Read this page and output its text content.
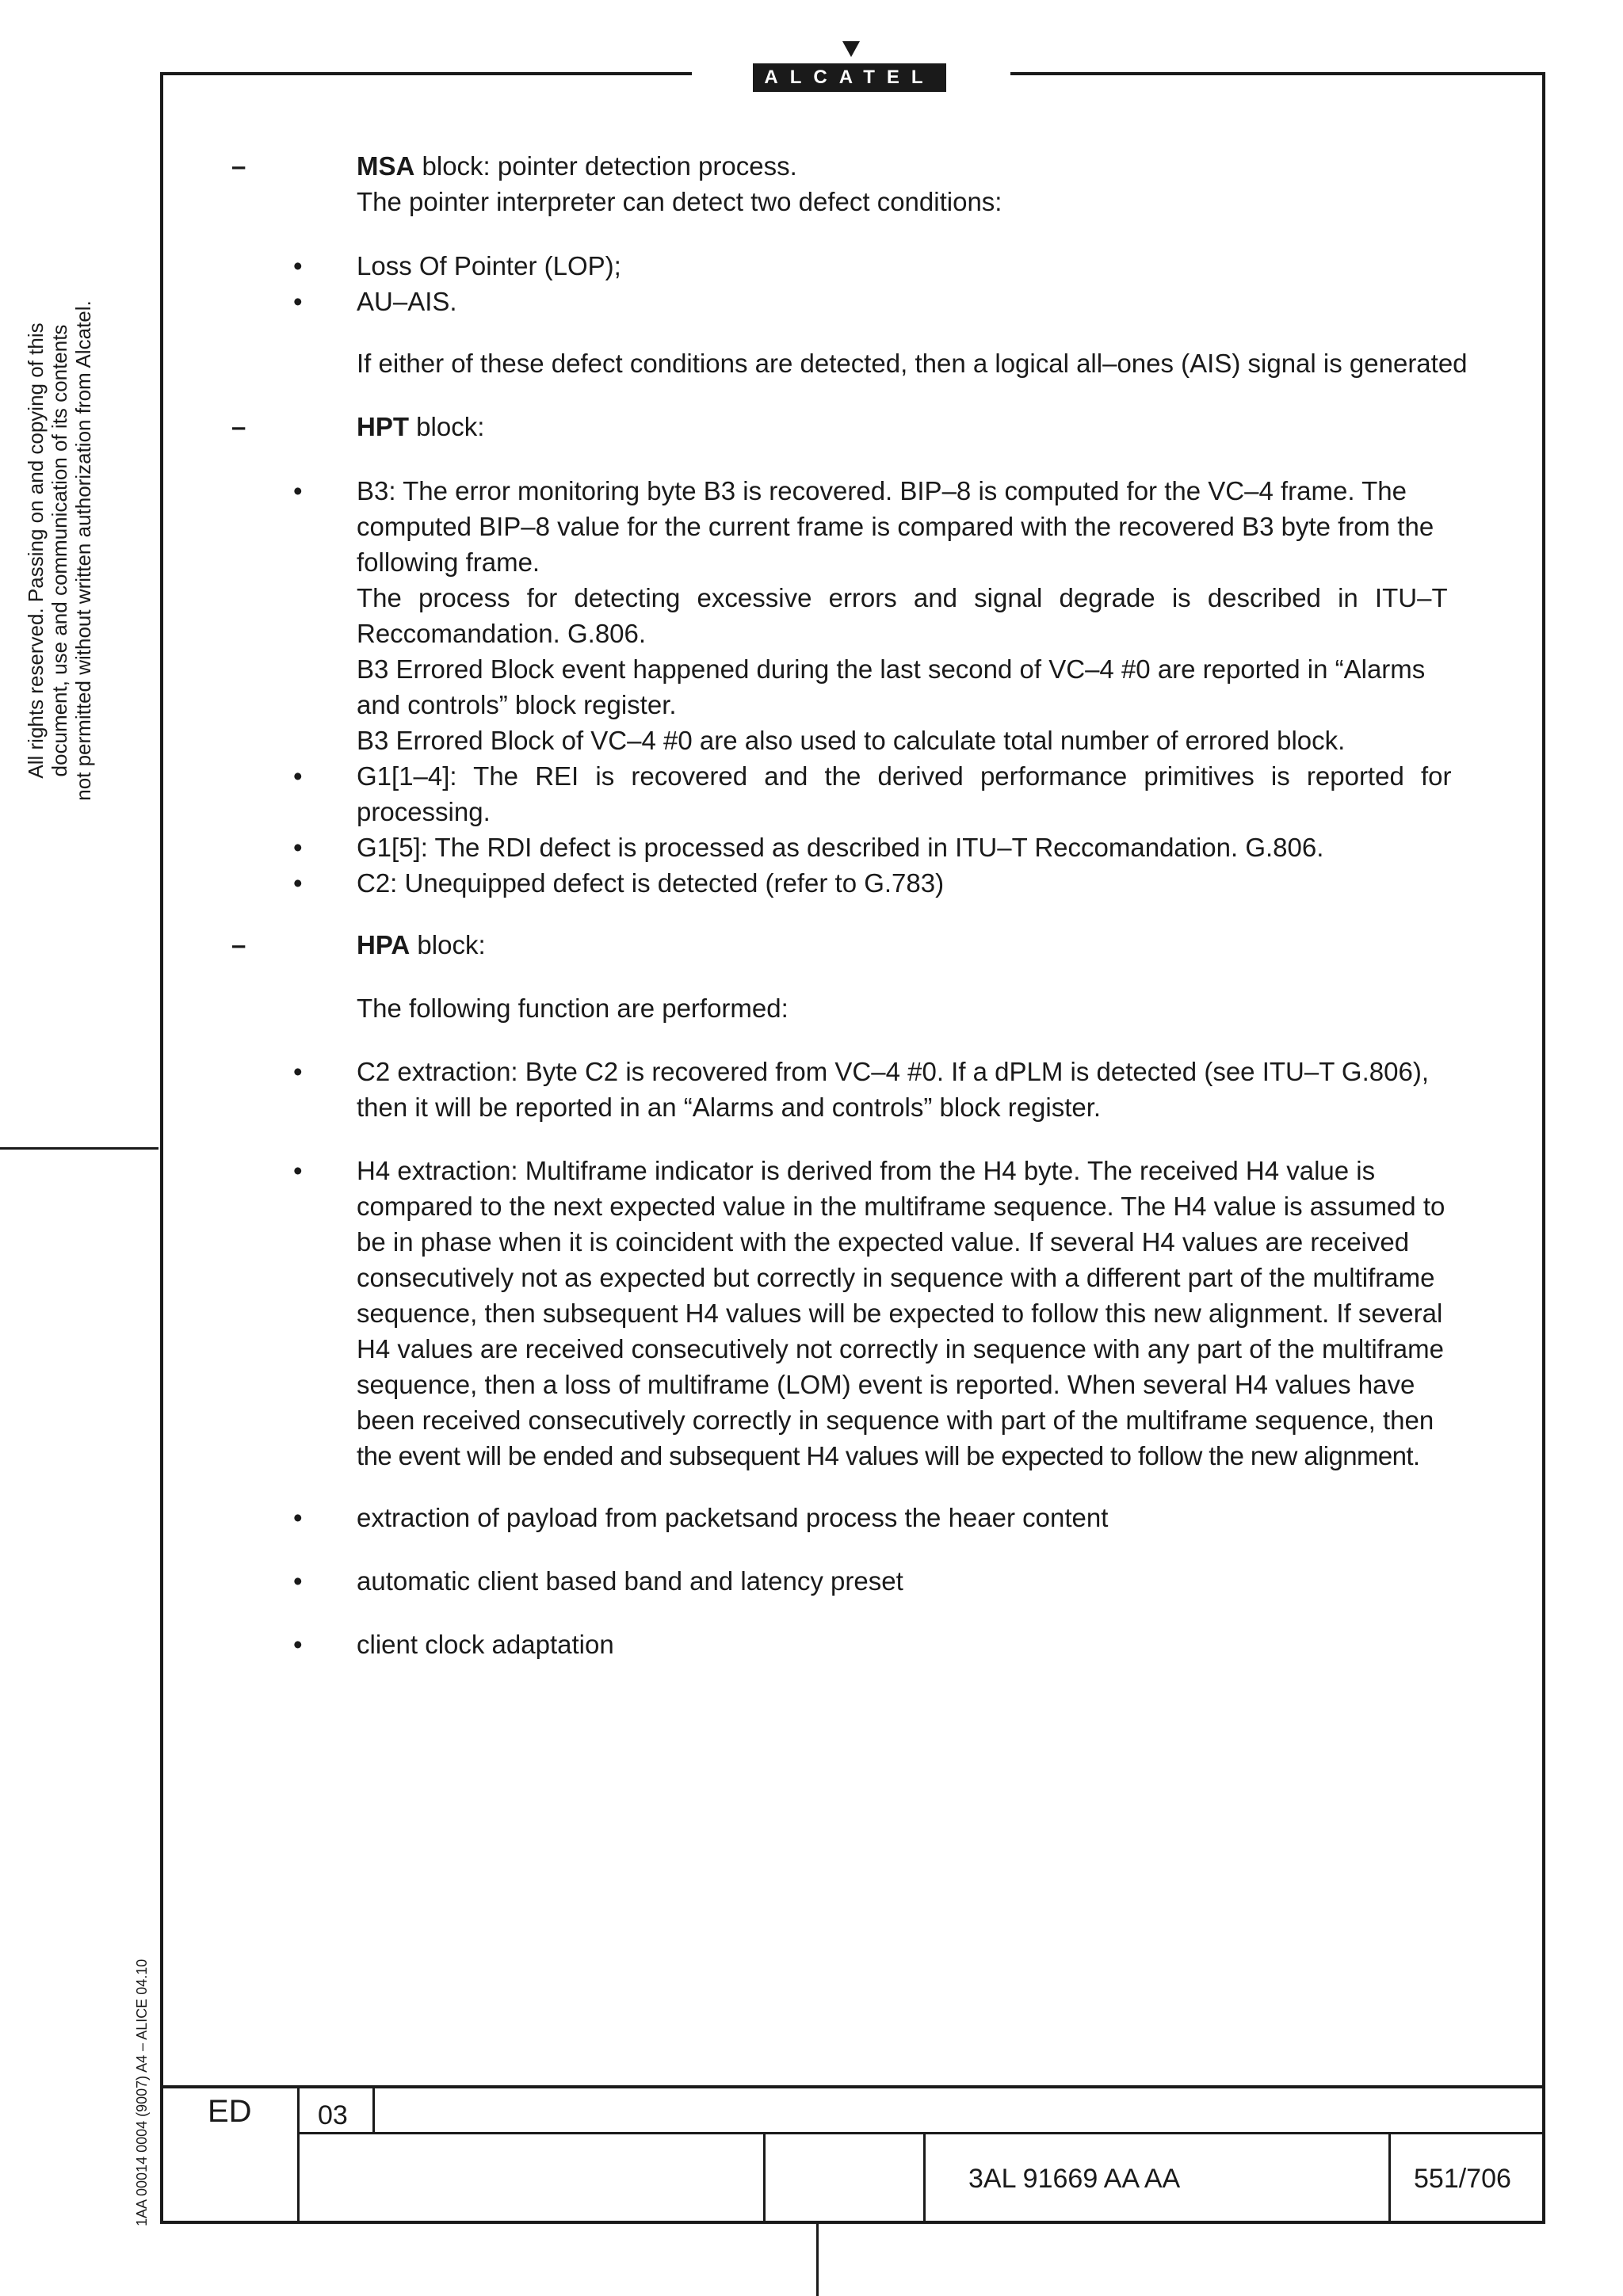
ALCATEL
All rights reserved. Passing on and copying of this document, use and communication of its contents not permitted without written authorization from Alcatel.
1AA 00014 0004 (9007) A4 – ALICE 04.10
–	MSA block: pointer detection process.
The pointer interpreter can detect two defect conditions:
• Loss Of Pointer (LOP);
• AU–AIS.
If either of these defect conditions are detected, then a logical all–ones (AIS) signal is generated
–	HPT block:
• B3: The error monitoring byte B3 is recovered. BIP–8 is computed for the VC–4 frame. The
computed BIP–8 value for the current frame is compared with the recovered B3 byte from the
following frame.
The process for detecting excessive errors and signal degrade is described in ITU–T
Reccomandation. G.806.
B3 Errored Block event happened during the last second of VC–4 #0 are reported in “Alarms
and controls” block register.
B3 Errored Block of VC–4 #0 are also used to calculate total number of errored block.
• G1[1–4]: The REI is recovered and the derived performance primitives is reported for
processing.
• G1[5]: The RDI defect is processed as described in ITU–T Reccomandation. G.806.
• C2: Unequipped defect is detected (refer to G.783)
–	HPA block:
The following function are performed:
• C2 extraction: Byte C2 is recovered from VC–4 #0. If a dPLM is detected (see ITU–T G.806),
then it will be reported in an “Alarms and controls” block register.
• H4 extraction: Multiframe indicator is derived from the H4 byte. The received H4 value is
compared to the next expected value in the multiframe sequence. The H4 value is assumed to
be in phase when it is coincident with the expected value. If several H4 values are received
consecutively not as expected but correctly in sequence with a different part of the multiframe
sequence, then subsequent H4 values will be expected to follow this new alignment. If several
H4 values are received consecutively not correctly in sequence with any part of the multiframe
sequence, then a loss of multiframe (LOM) event is reported. When several H4 values have
been received consecutively correctly in sequence with part of the multiframe sequence, then
the event will be ended and subsequent H4 values will be expected to follow the new alignment.
• extraction of payload from packetsand process the heaer content
• automatic client based band and latency preset
• client clock adaptation
ED 03
3AL 91669 AA AA	551/706
